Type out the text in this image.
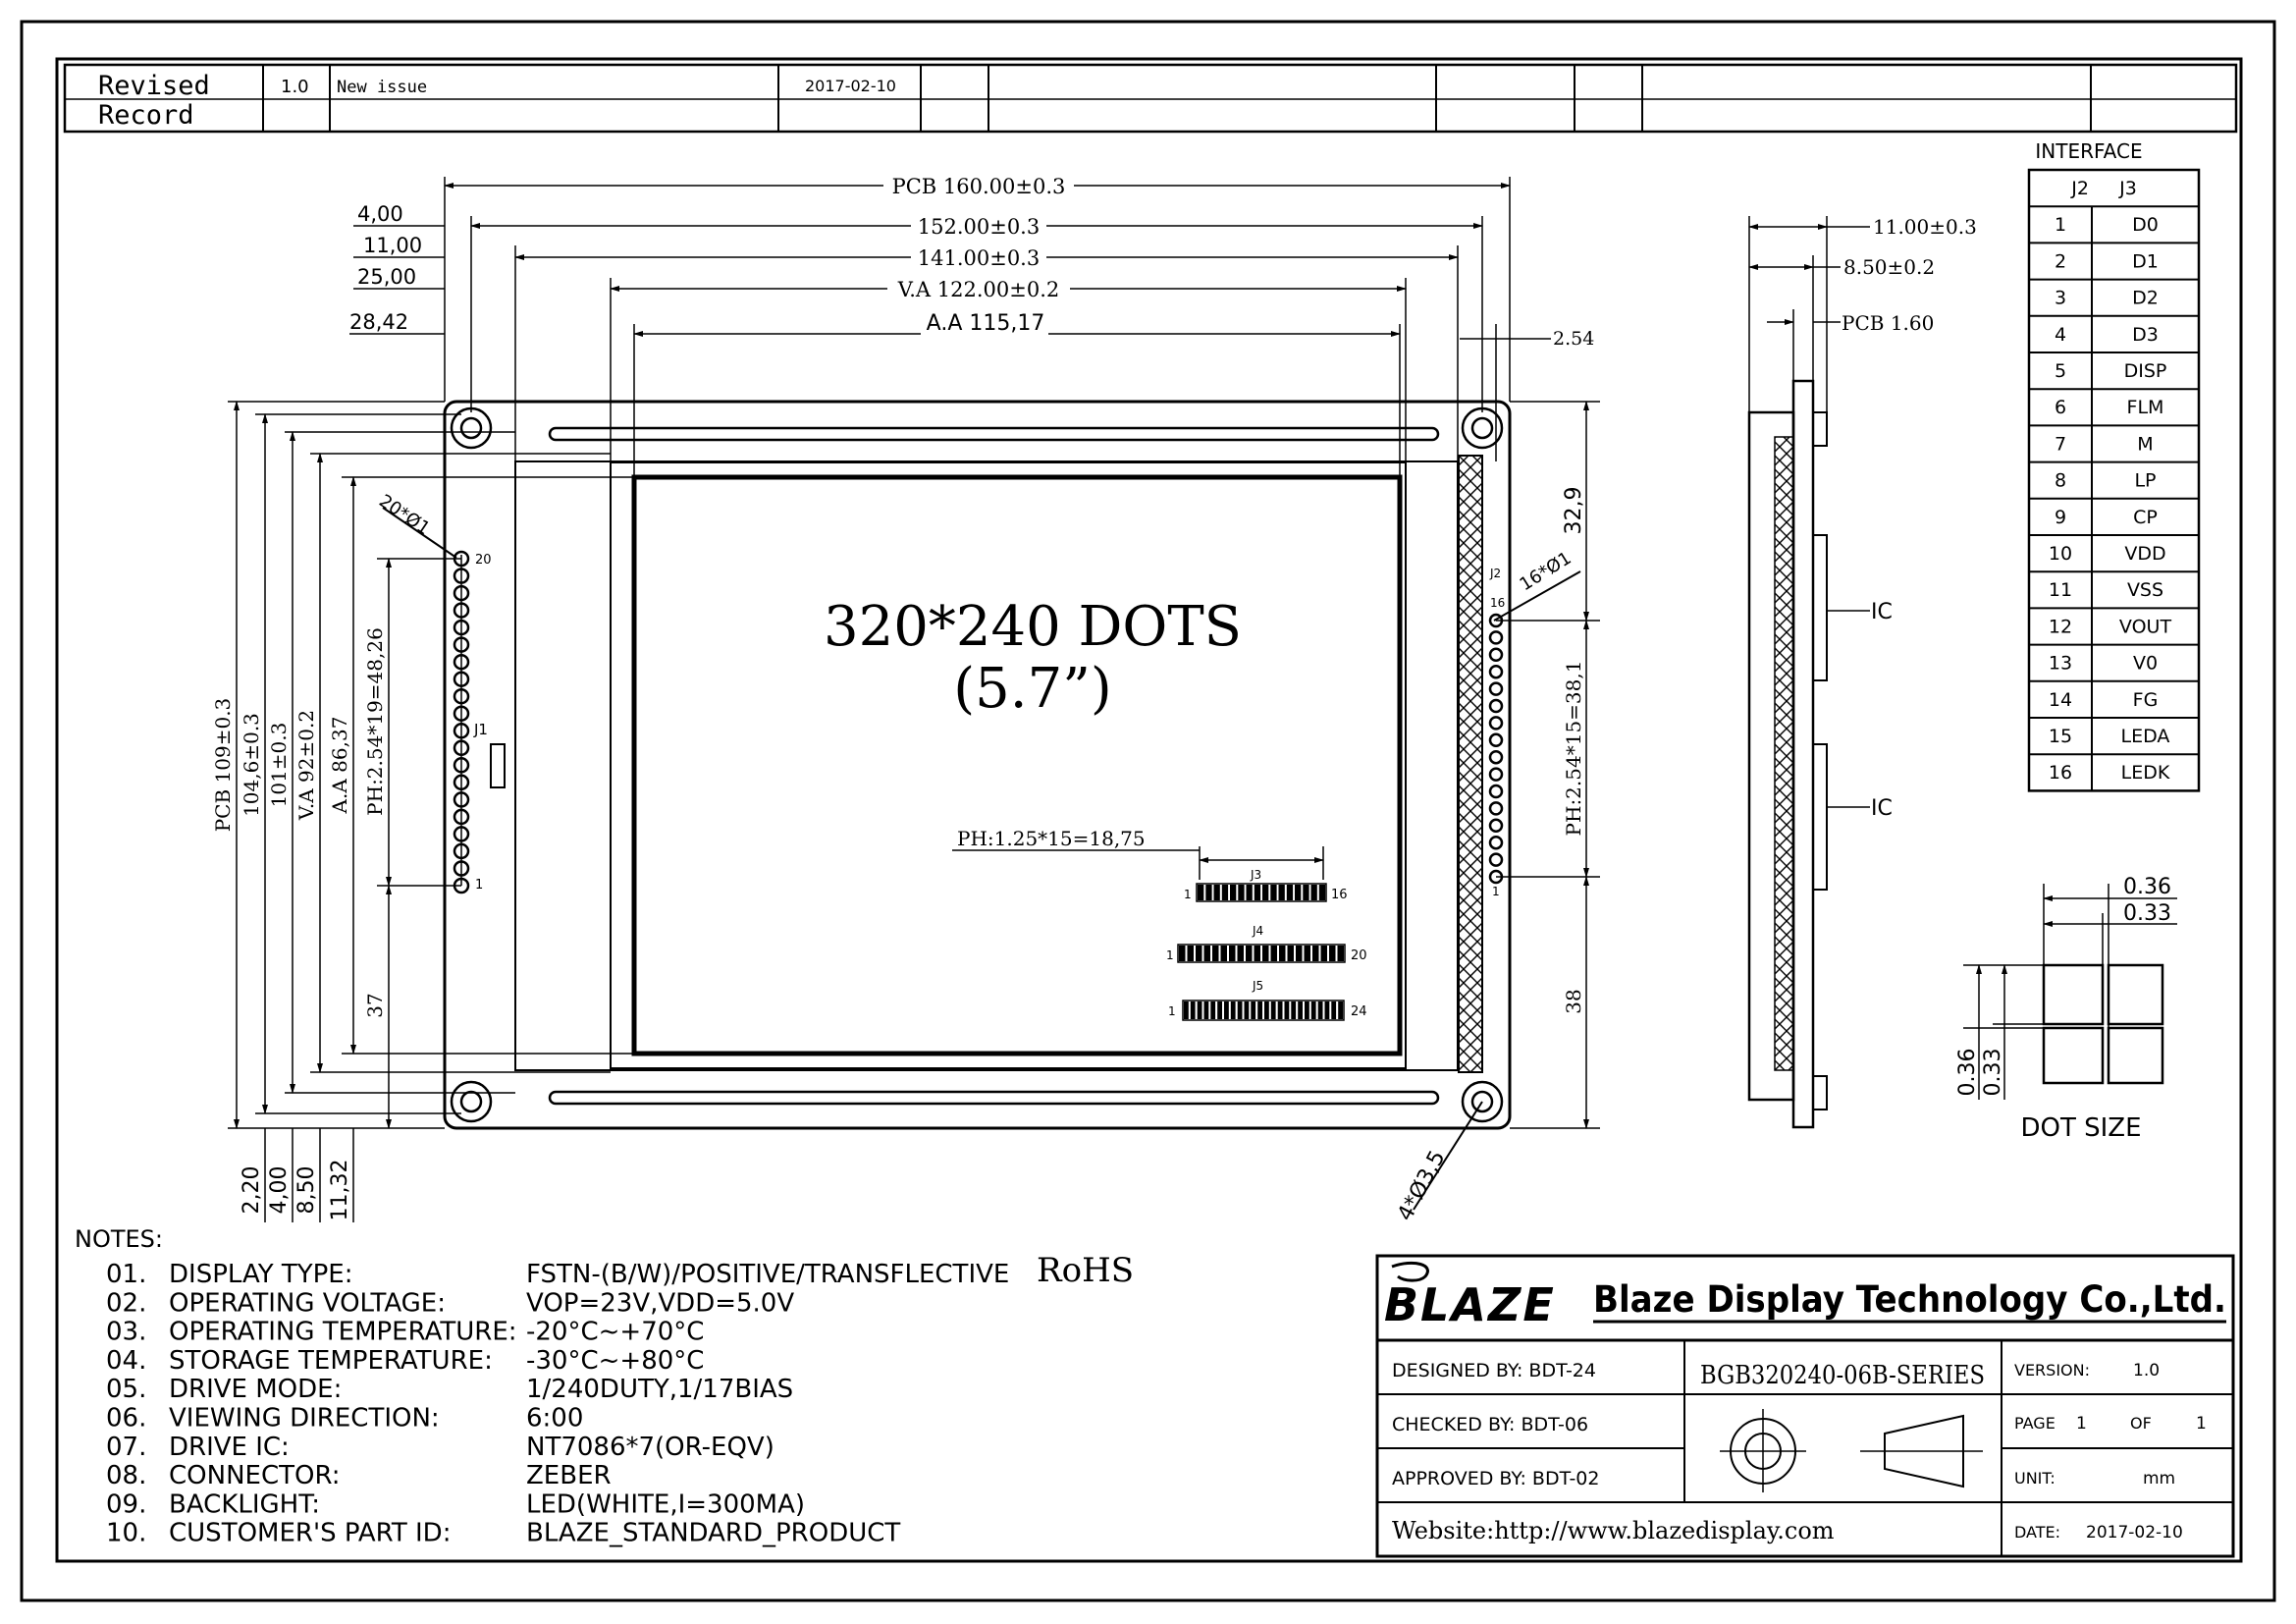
Revised
Record
1.0 New issue	2017-02-10
320*240 DOTS
(5.7”)
J1
20
1
20*Ø1
16
1
J2 16*Ø1
J3
1	16
J4
1	20
J5
1	24
PH:1.25*15=18,75
PCB 160.00±0.3
152.00±0.3
141.00±0.3
V.A 122.00±0.2
A.A 115,17
4,00
11,00
25,00
28,42
2.54
PCB 109±0.3 104,6±0.3 101±0.3 V.A 92±0.2 A.A 86,37 PH:2.54*19=48,26
37
2,20 4,00 8,50 11,32
32,9
PH:2.54*15=38,1
38
4*Ø3,5
IC
IC
11.00±0.3
8.50±0.2
PCB 1.60
INTERFACE
J2 J3
1	D0
2	D1
3	D2
4	D3
5	DISP
6	FLM
7	M
8	LP
9	CP
10	VDD
11	VSS
12	VOUT
13	V0
14	FG
15	LEDA
16	LEDK
0.36
0.33
0.36 0.33
DOT SIZE
NOTES:
RoHS
01. DISPLAY TYPE:	FSTN-(B/W)/POSITIVE/TRANSFLECTIVE
02. OPERATING VOLTAGE:	VOP=23V,VDD=5.0V
03. OPERATING TEMPERATURE: -20°C~+70°C
04. STORAGE TEMPERATURE: -30°C~+80°C
05. DRIVE MODE:	1/240DUTY,1/17BIAS
06. VIEWING DIRECTION:	6:00
07. DRIVE IC:	NT7086*7(OR-EQV)
08. CONNECTOR:	ZEBER
09. BACKLIGHT:	LED(WHITE,I=300MA)
10. CUSTOMER'S PART ID:	BLAZE_STANDARD_PRODUCT
BLAZE Blaze Display Technology Co.,Ltd.
DESIGNED BY: BDT-24
CHECKED BY: BDT-06
APPROVED BY: BDT-02
BGB320240-06B-SERIES VERSION:	1.0
PAGE 1	OF	1
UNIT:	mm
Website:http://www.blazedisplay.com	DATE: 2017-02-10
